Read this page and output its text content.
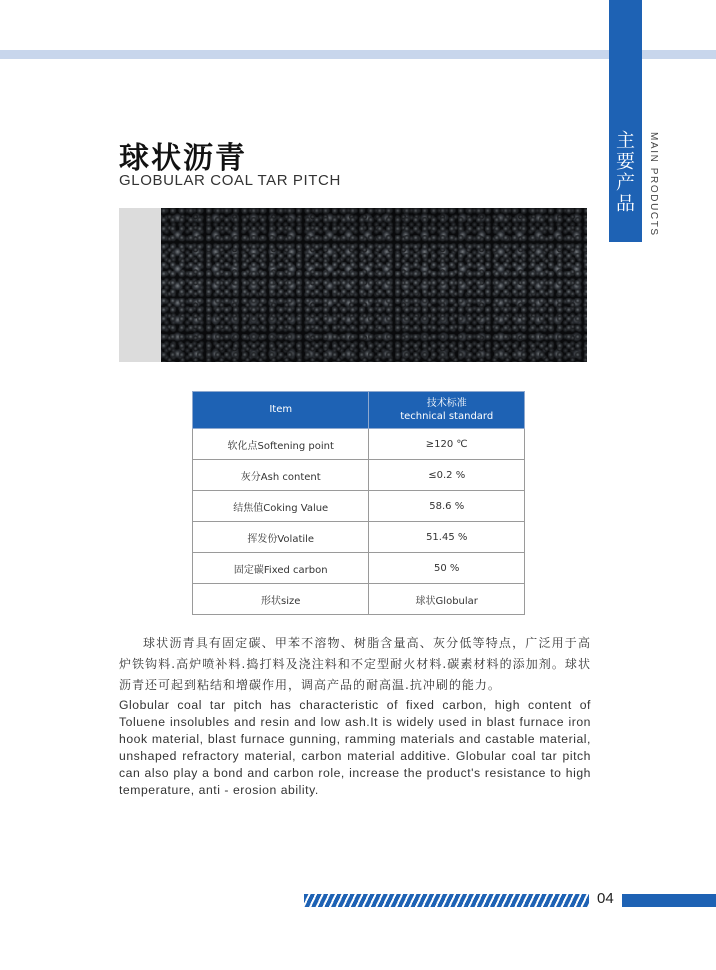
主要产品	MAIN PRODUCTS
球状沥青
GLOBULAR COAL TAR PITCH
Item	技术标准
technical standard

软化点Softening point	≥120 ℃
灰分Ash content	≤0.2 %
结焦值Coking Value	58.6 %
挥发份Volatile	51.45 %
固定碳Fixed carbon	50 %
形状size	球状Globular
球状沥青具有固定碳、甲苯不溶物、树脂含量高、灰分低等特点，广泛用于高炉铁钩料.高炉喷补料.捣打料及浇注料和不定型耐火材料.碳素材料的添加剂。球状沥青还可起到粘结和增碳作用，调高产品的耐高温.抗冲刷的能力。
Globular coal tar pitch has characteristic of fixed carbon, high content of Toluene insolubles and resin and low ash.It is widely used in blast furnace iron hook material, blast furnace gunning, ramming materials and castable material, unshaped refractory material, carbon material additive. Globular coal tar pitch can also play a bond and carbon role, increase the product's resistance to high temperature, anti - erosion ability.
04
